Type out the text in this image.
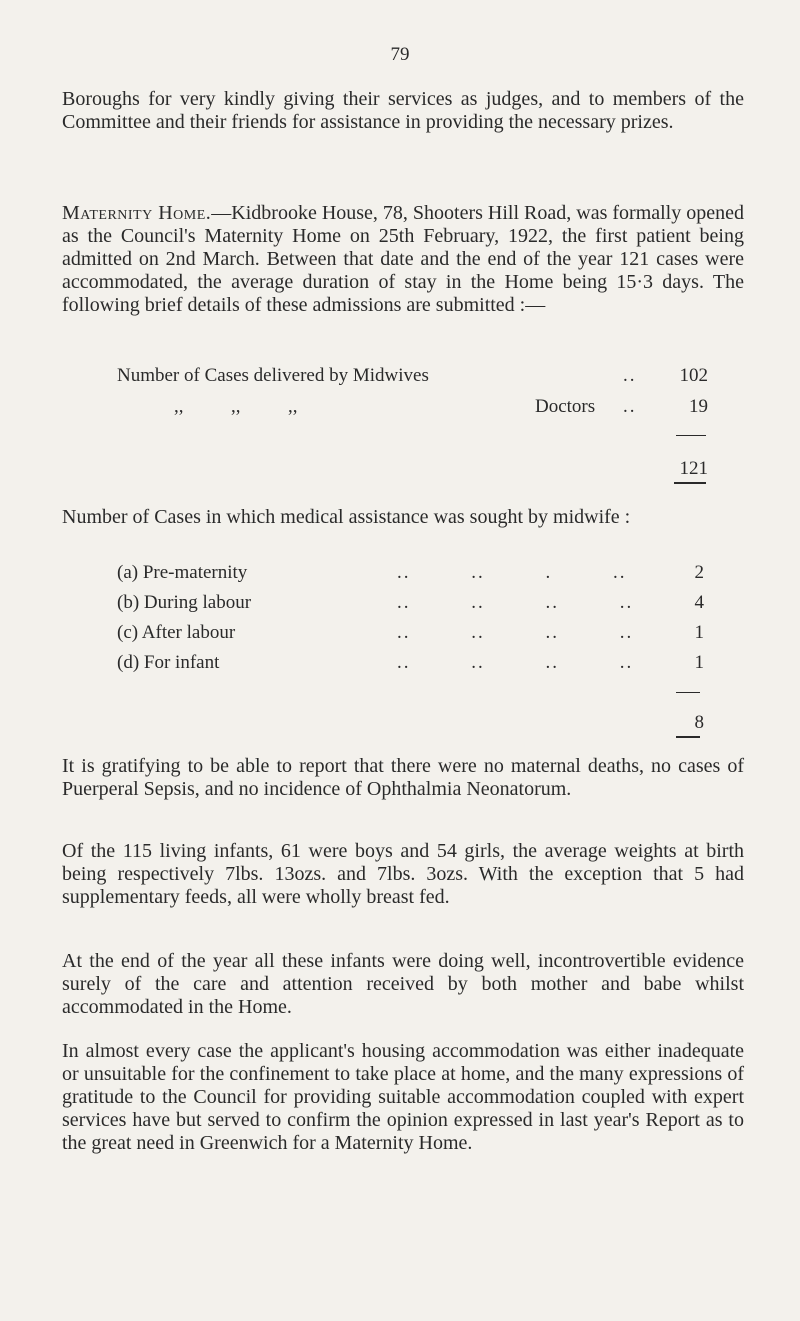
79

Boroughs for very kindly giving their services as judges, and to members of the Committee and their friends for assistance in providing the necessary prizes.

Maternity Home.—Kidbrooke House, 78, Shooters Hill Road, was formally opened as the Council's Maternity Home on 25th February, 1922, the first patient being admitted on 2nd March. Between that date and the end of the year 121 cases were accommodated, the average duration of stay in the Home being 15·3 days. The following brief details of these admissions are submitted :—

Number of Cases delivered by Midwives	..	102
,,          ,,          ,,	Doctors ..	19
121

Number of Cases in which medical assistance was sought by midwife :

(a) Pre-maternity	..         ..         .         ..	2
(b) During labour	..         ..         ..         ..	4
(c) After labour	..         ..         ..         ..	1
(d) For infant	..         ..         ..         ..	1
8

It is gratifying to be able to report that there were no maternal deaths, no cases of Puerperal Sepsis, and no incidence of Ophthalmia Neonatorum.

Of the 115 living infants, 61 were boys and 54 girls, the average weights at birth being respectively 7lbs. 13ozs. and 7lbs. 3ozs. With the exception that 5 had supplementary feeds, all were wholly breast fed.

At the end of the year all these infants were doing well, incontrovertible evidence surely of the care and attention received by both mother and babe whilst accommodated in the Home.

In almost every case the applicant's housing accommodation was either inadequate or unsuitable for the confinement to take place at home, and the many expressions of gratitude to the Council for providing suitable accommodation coupled with expert services have but served to confirm the opinion expressed in last year's Report as to the great need in Greenwich for a Maternity Home.
